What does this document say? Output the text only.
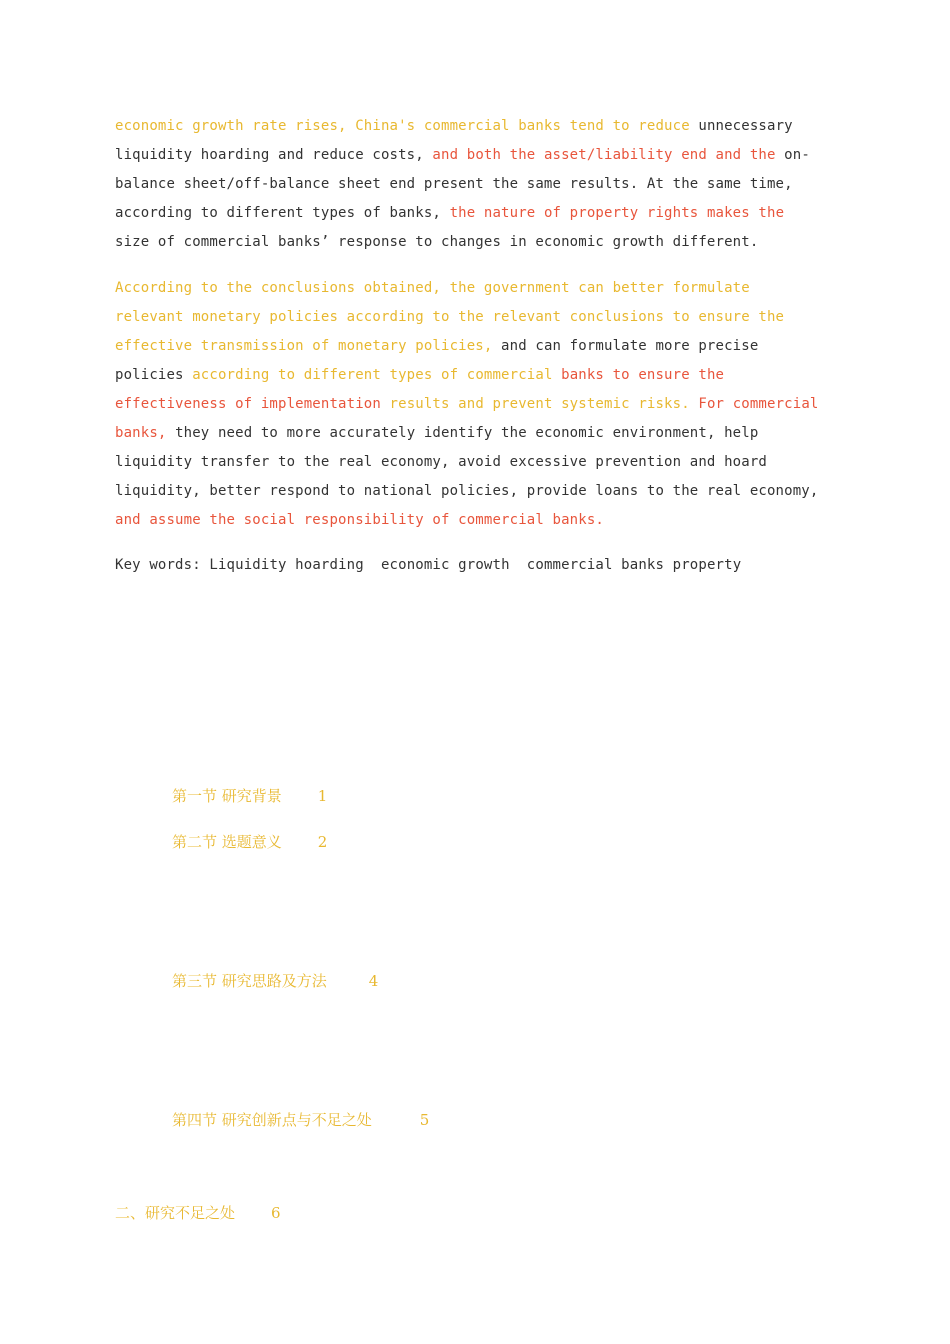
economic growth rate rises, China's commercial banks tend to reduce unnecessary liquidity hoarding and reduce costs, and both the asset/liability end and the on-balance sheet/off-balance sheet end present the same results. At the same time, according to different types of banks, the nature of property rights makes the size of commercial banks’ response to changes in economic growth different.

According to the conclusions obtained, the government can better formulate relevant monetary policies according to the relevant conclusions to ensure the effective transmission of monetary policies, and can formulate more precise policies according to different types of commercial banks to ensure the effectiveness of implementation results and prevent systemic risks. For commercial banks, they need to more accurately identify the economic environment, help liquidity transfer to the real economy, avoid excessive prevention and hoard liquidity, better respond to national policies, provide loans to the real economy, and assume the social responsibility of commercial banks.

Key words: Liquidity hoarding  economic growth  commercial banks property

第一节 研究背景 1

第二节 选题意义 2

第三节 研究思路及方法	4

第四节 研究创新点与不足之处	5

二、研究不足之处 6
